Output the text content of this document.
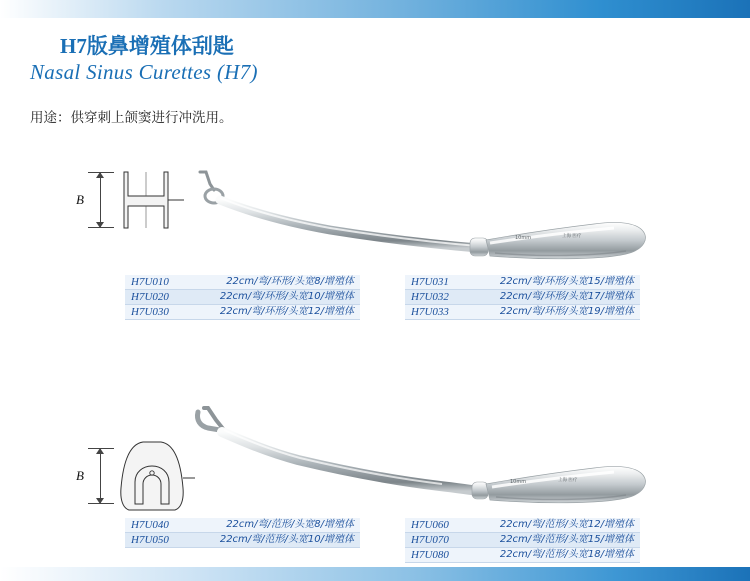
H7版鼻增殖体刮匙
Nasal Sinus Curettes (H7)
用途：供穿刺上颌窦进行冲洗用。
B
10mm	上海 医疗
H7U010	22cm/弯/环形/头宽8/增殖体
H7U020	22cm/弯/环形/头宽10/增殖体
H7U030	22cm/弯/环形/头宽12/增殖体
H7U031	22cm/弯/环形/头宽15/增殖体
H7U032	22cm/弯/环形/头宽17/增殖体
H7U033	22cm/弯/环形/头宽19/增殖体
B	10mm	上海 医疗
H7U040	22cm/弯/范形/头宽8/增殖体
H7U050	22cm/弯/范形/头宽10/增殖体
H7U060	22cm/弯/范形/头宽12/增殖体
H7U070	22cm/弯/范形/头宽15/增殖体
H7U080	22cm/弯/范形/头宽18/增殖体
